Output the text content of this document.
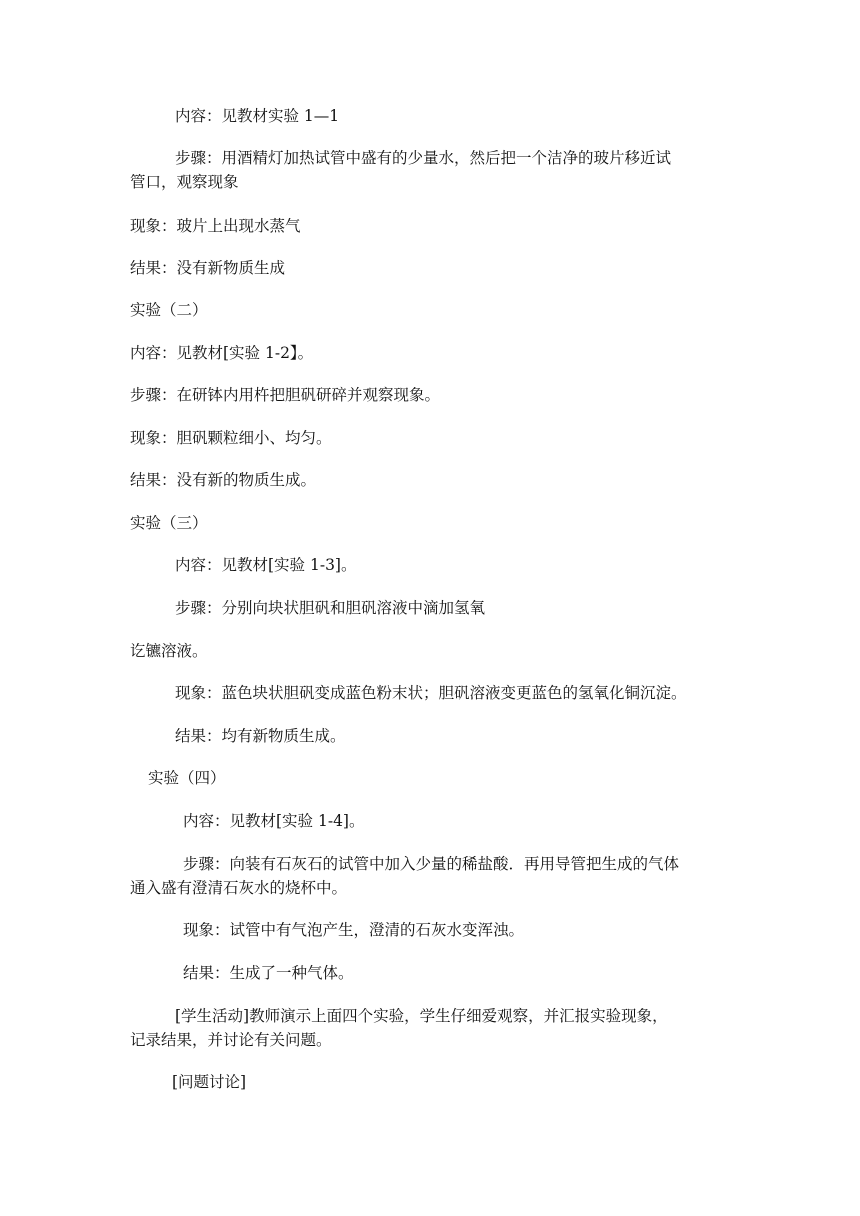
内容：见教材实验 1—1

步骤：用酒精灯加热试管中盛有的少量水，然后把一个洁净的玻片移近试

管口，观察现象

现象：玻片上出现水蒸气

结果：没有新物质生成

实验（二）

内容：见教材[实验 1-2】。

步骤：在研钵内用杵把胆矾研碎并观察现象。

现象：胆矾颗粒细小、均匀。

结果：没有新的物质生成。

实验（三）

内容：见教材[实验 1-3]。

步骤：分别向块状胆矾和胆矾溶液中滴加氢氧

讫镳溶液。

现象：蓝色块状胆矾变成蓝色粉末状；胆矾溶液变更蓝色的氢氧化铜沉淀。

结果：均有新物质生成。

实验（四）

内容：见教材[实验 1-4]。

步骤：向装有石灰石的试管中加入少量的稀盐酸．再用导管把生成的气体

通入盛有澄清石灰水的烧杯中。

现象：试管中有气泡产生，澄清的石灰水变浑浊。

结果：生成了一种气体。

[学生活动]教师演示上面四个实验，学生仔细爱观察，并汇报实验现象，

记录结果，并讨论有关问题。

[问题讨论]
